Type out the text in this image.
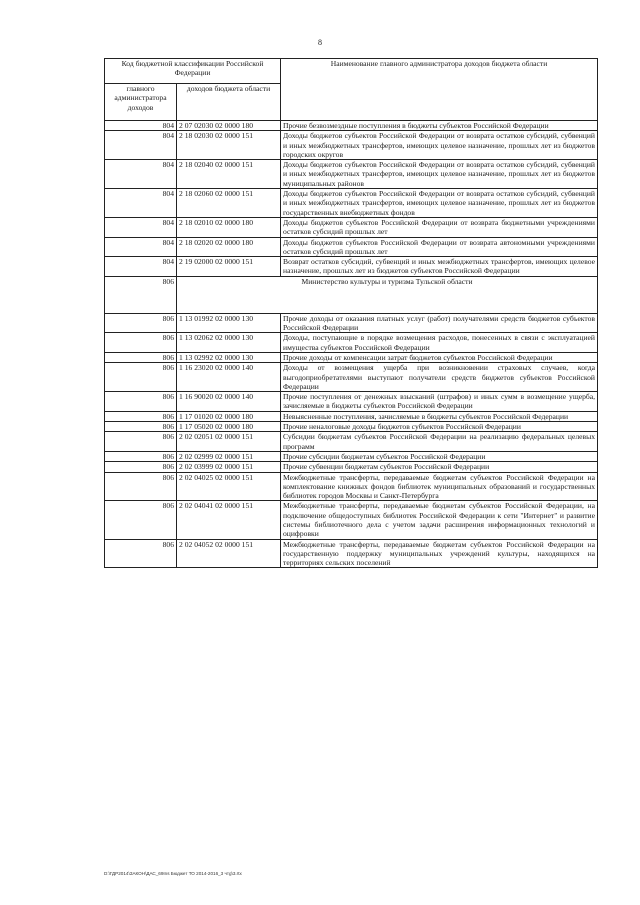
8
Код бюджетной классификации Российской Федерации		Наименование главного администратора доходов бюджета области
главного администратора доходов	доходов бюджета области	
804	2 07 02030 02 0000 180	Прочие безвозмездные поступления в бюджеты субъектов Российской Федерации
804	2 18 02030 02 0000 151	Доходы бюджетов субъектов Российской Федерации от возврата остатков субсидий, субвенций и иных межбюджетных трансфертов, имеющих целевое назначение, прошлых лет из бюджетов городских округов
804	2 18 02040 02 0000 151	Доходы бюджетов субъектов Российской Федерации от возврата остатков субсидий, субвенций и иных межбюджетных трансфертов, имеющих целевое назначение, прошлых лет из бюджетов муниципальных районов
804	2 18 02060 02 0000 151	Доходы бюджетов субъектов Российской Федерации от возврата остатков субсидий, субвенций и иных межбюджетных трансфертов, имеющих целевое назначение, прошлых лет из бюджетов государственных внебюджетных фондов
804	2 18 02010 02 0000 180	Доходы бюджетов субъектов Российской Федерации от возврата бюджетными учреждениями остатков субсидий прошлых лет
804	2 18 02020 02 0000 180	Доходы бюджетов субъектов Российской Федерации от возврата автономными учреждениями остатков субсидий прошлых лет
804	2 19 02000 02 0000 151	Возврат остатков субсидий, субвенций и иных межбюджетных трансфертов, имеющих целевое назначение, прошлых лет из бюджетов субъектов Российской Федерации
806	Министерство культуры и туризма Тульской области	
806	1 13 01992 02 0000 130	Прочие доходы от оказания платных услуг (работ) получателями средств бюджетов субъектов Российской Федерации
806	1 13 02062 02 0000 130	Доходы, поступающие в порядке возмещения расходов, понесенных в связи с эксплуатацией имущества субъектов Российской Федерации
806	1 13 02992 02 0000 130	Прочие доходы от компенсации затрат бюджетов субъектов Российской Федерации
806	1 16 23020 02 0000 140	Доходы от возмещения ущерба при возникновении страховых случаев, когда выгодоприобретателями выступают получатели средств бюджетов субъектов Российской Федерации
806	1 16 90020 02 0000 140	Прочие поступления от денежных взысканий (штрафов) и иных сумм в возмещение ущерба, зачисляемые в бюджеты субъектов Российской Федерации
806	1 17 01020 02 0000 180	Невыясненные поступления, зачисляемые в бюджеты субъектов Российской Федерации
806	1 17 05020 02 0000 180	Прочие неналоговые доходы бюджетов субъектов Российской Федерации
806	2 02 02051 02 0000 151	Субсидии бюджетам субъектов Российской Федерации на реализацию федеральных целевых программ
806	2 02 02999 02 0000 151	Прочие субсидии бюджетам субъектов Российской Федерации
806	2 02 03999 02 0000 151	Прочие субвенции бюджетам субъектов Российской Федерации
806	2 02 04025 02 0000 151	Межбюджетные трансферты, передаваемые бюджетам субъектов Российской Федерации на комплектование книжных фондов библиотек муниципальных образований и государственных библиотек городов Москвы и Санкт-Петербурга
806	2 02 04041 02 0000 151	Межбюджетные трансферты, передаваемые бюджетам субъектов Российской Федерации, на подключение общедоступных библиотек Российской Федерации к сети "Интернет" и развитие системы библиотечного дела с учетом задачи расширения информационных технологий и оцифровки
806	2 02 04052 02 0000 151	Межбюджетные трансферты, передаваемые бюджетам субъектов Российской Федерации на государственную поддержку муниципальных учреждений культуры, находящихся на территориях сельских поселений
D:\ГДР2014\ЗАКОН\ДАС_69Ins Бюджет ТО 2014-2016_3 чтg\3.rtx
